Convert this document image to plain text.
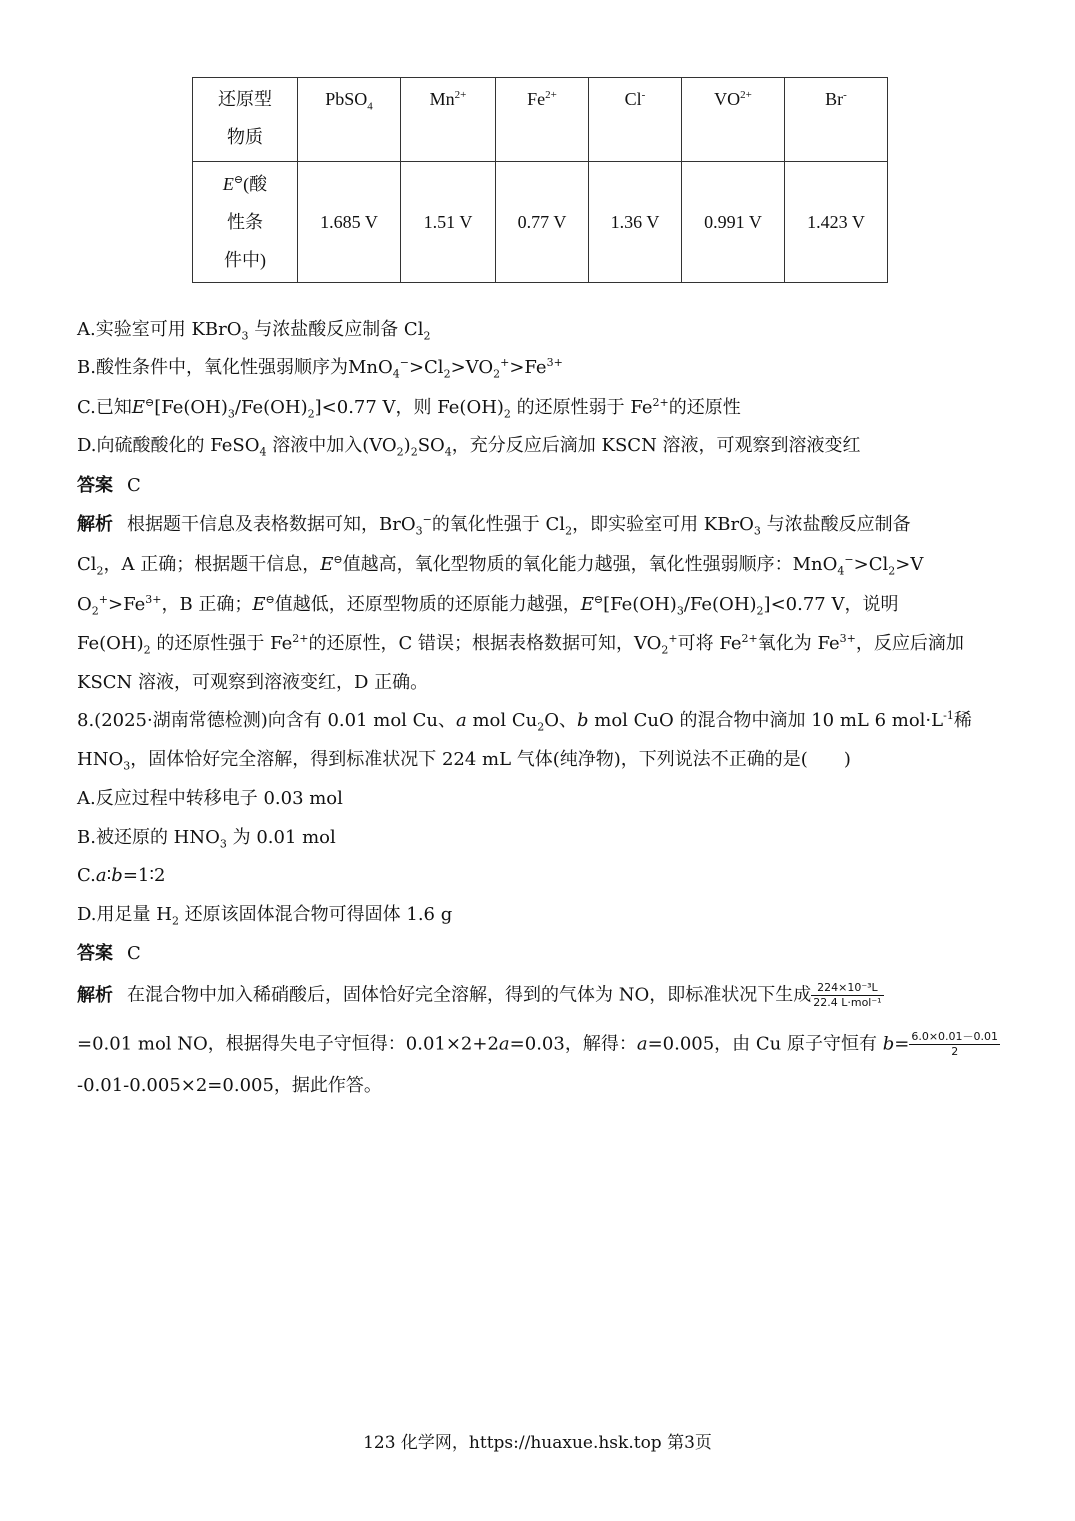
还原型
物质	PbSO$_4$	$Mn^{2+}$	$Fe^{2+}$	Cl-	$VO^{2+}$	Br-
E⊖(酸
性条
件中)	1.685 V	1.51 V	0.77 V	1.36 V	0.991 V	1.423 V
A.实验室可用 KBrO$_3$ 与浓盐酸反应制备 $Cl_2$
B.酸性条件中，氧化性强弱顺序为$MnO_4^->Cl_2>VO_2^+>Fe^{3+}$
C.已知$E^⊖[Fe(OH)_3/Fe(OH)_2]<0.77$ V，则 $Fe(OH)_2$ 的还原性弱于 $Fe^{2+}$的还原性
D.向硫酸酸化的 FeSO$_4$ 溶液中加入$(VO_2)_2SO_4$，充分反应后滴加 KSCN 溶液，可观察到溶液变红
答案 C
解析 根据题干信息及表格数据可知，BrO$_3$−的氧化性强于 $Cl_2$，即实验室可用 KBrO$_3$ 与浓盐酸反应制备
$Cl_2$，A 正确；根据题干信息，E⊖值越高，氧化型物质的氧化能力越强，氧化性强弱顺序：$MnO_4^->Cl_2>V$
$O_2^+>Fe^{3+}$，B 正确；E⊖值越低，还原型物质的还原能力越强，$E^⊖[Fe(OH)_3/Fe(OH)_2]<0.77$ V，说明
$Fe(OH)_2$ 的还原性强于 $Fe^{2+}$的还原性，C 错误；根据表格数据可知，$VO_2^+$可将 $Fe^{2+}$氧化为 $Fe^{3+}$，反应后滴加
KSCN 溶液，可观察到溶液变红，D 正确。
8.(2025·湖南常德检测)向含有 0.01 mol Cu、a mol $Cu_2O$、b mol CuO 的混合物中滴加 10 mL 6 $mol\cdot L^{-1}$稀
$HNO_3$，固体恰好完全溶解，得到标准状况下 224 mL 气体(纯净物)，下列说法不正确的是(　　)
A.反应过程中转移电子 0.03 mol
B.被还原的 $HNO_3$ 为 0.01 mol
C.a∶b=1∶2
D.用足量 $H_2$ 还原该固体混合物可得固体 1.6 g
答案 C
解析 在混合物中加入稀硝酸后，固体恰好完全溶解，得到的气体为 NO，即标准状况下生成 $\frac{\text{224×10⁻³L}}{\text{22.4 L·mol⁻¹}}$
=0.01 mol NO，根据得失电子守恒得：0.01×2+2a=0.03，解得：a=0.005，由 Cu 原子守恒有 $b= \frac{6.0\times 0.01-0.01}{2}$
-0.01-0.005×2=0.005，据此作答。
123 化学网，https://huaxue.hsk.top 第3页
